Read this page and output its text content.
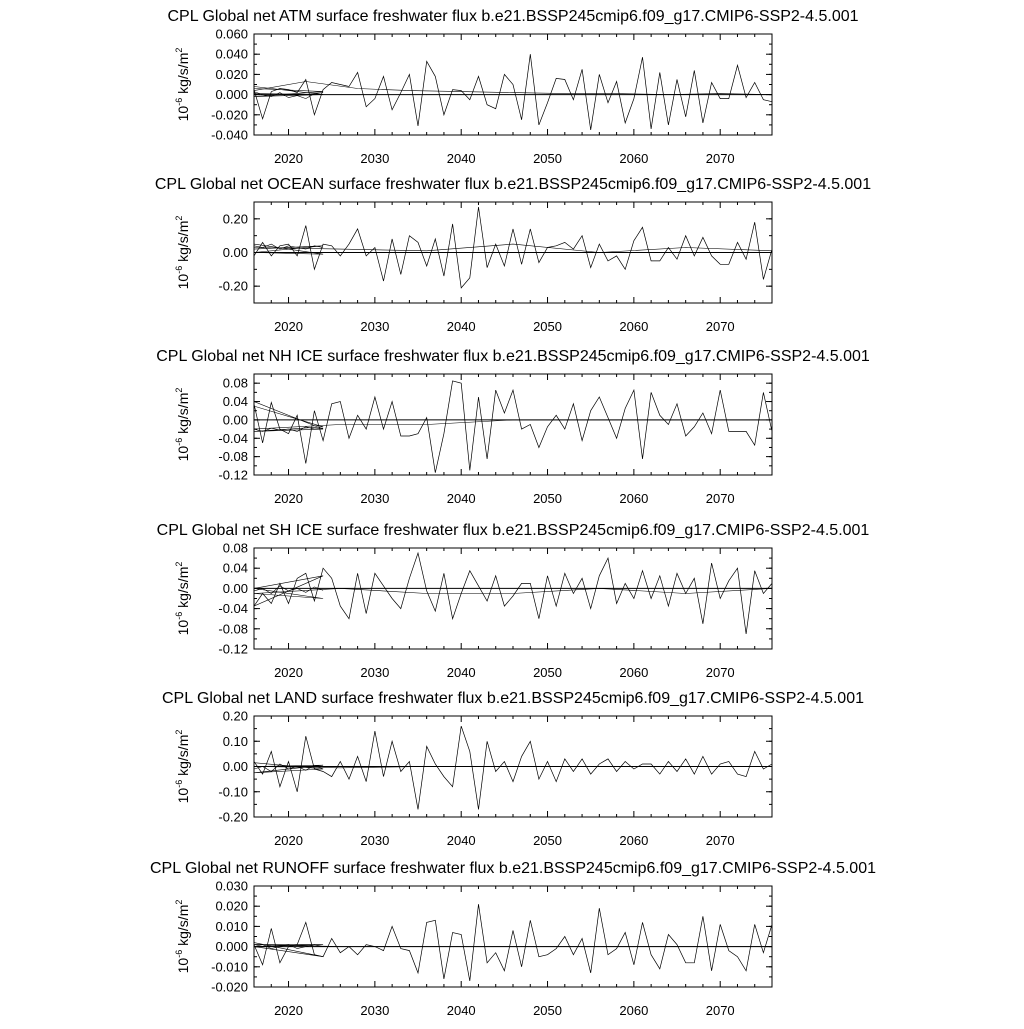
CPL Global net ATM surface freshwater flux b.e21.BSSP245cmip6.f09_g17.CMIP6-SSP2-4.5.001
$10^{-6}$ $kg/s/m^2$
2020	2030	2040	2050	2060	2070
-0.040
-0.020
0.000
0.020
0.040
0.060
CPL Global net OCEAN surface freshwater flux b.e21.BSSP245cmip6.f09_g17.CMIP6-SSP2-4.5.001
$10^{-6}$ $kg/s/m^2$
2020	2030	2040	2050	2060	2070
-0.20
0.00
0.20
CPL Global net NH ICE surface freshwater flux b.e21.BSSP245cmip6.f09_g17.CMIP6-SSP2-4.5.001
$10^{-6}$ $kg/s/m^2$
2020	2030	2040	2050	2060	2070
-0.12
-0.08
-0.04
0.00
0.04
0.08
CPL Global net SH ICE surface freshwater flux b.e21.BSSP245cmip6.f09_g17.CMIP6-SSP2-4.5.001
$10^{-6}$ $kg/s/m^2$
2020	2030	2040	2050	2060	2070
-0.12
-0.08
-0.04
0.00
0.04
0.08
CPL Global net LAND surface freshwater flux b.e21.BSSP245cmip6.f09_g17.CMIP6-SSP2-4.5.001
$10^{-6}$ $kg/s/m^2$
2020	2030	2040	2050	2060	2070
-0.20
-0.10
0.00
0.10
0.20
CPL Global net RUNOFF surface freshwater flux b.e21.BSSP245cmip6.f09_g17.CMIP6-SSP2-4.5.001
$10^{-6}$ $kg/s/m^2$
2020	2030	2040	2050	2060	2070
-0.020
-0.010
0.000
0.010
0.020
0.030
